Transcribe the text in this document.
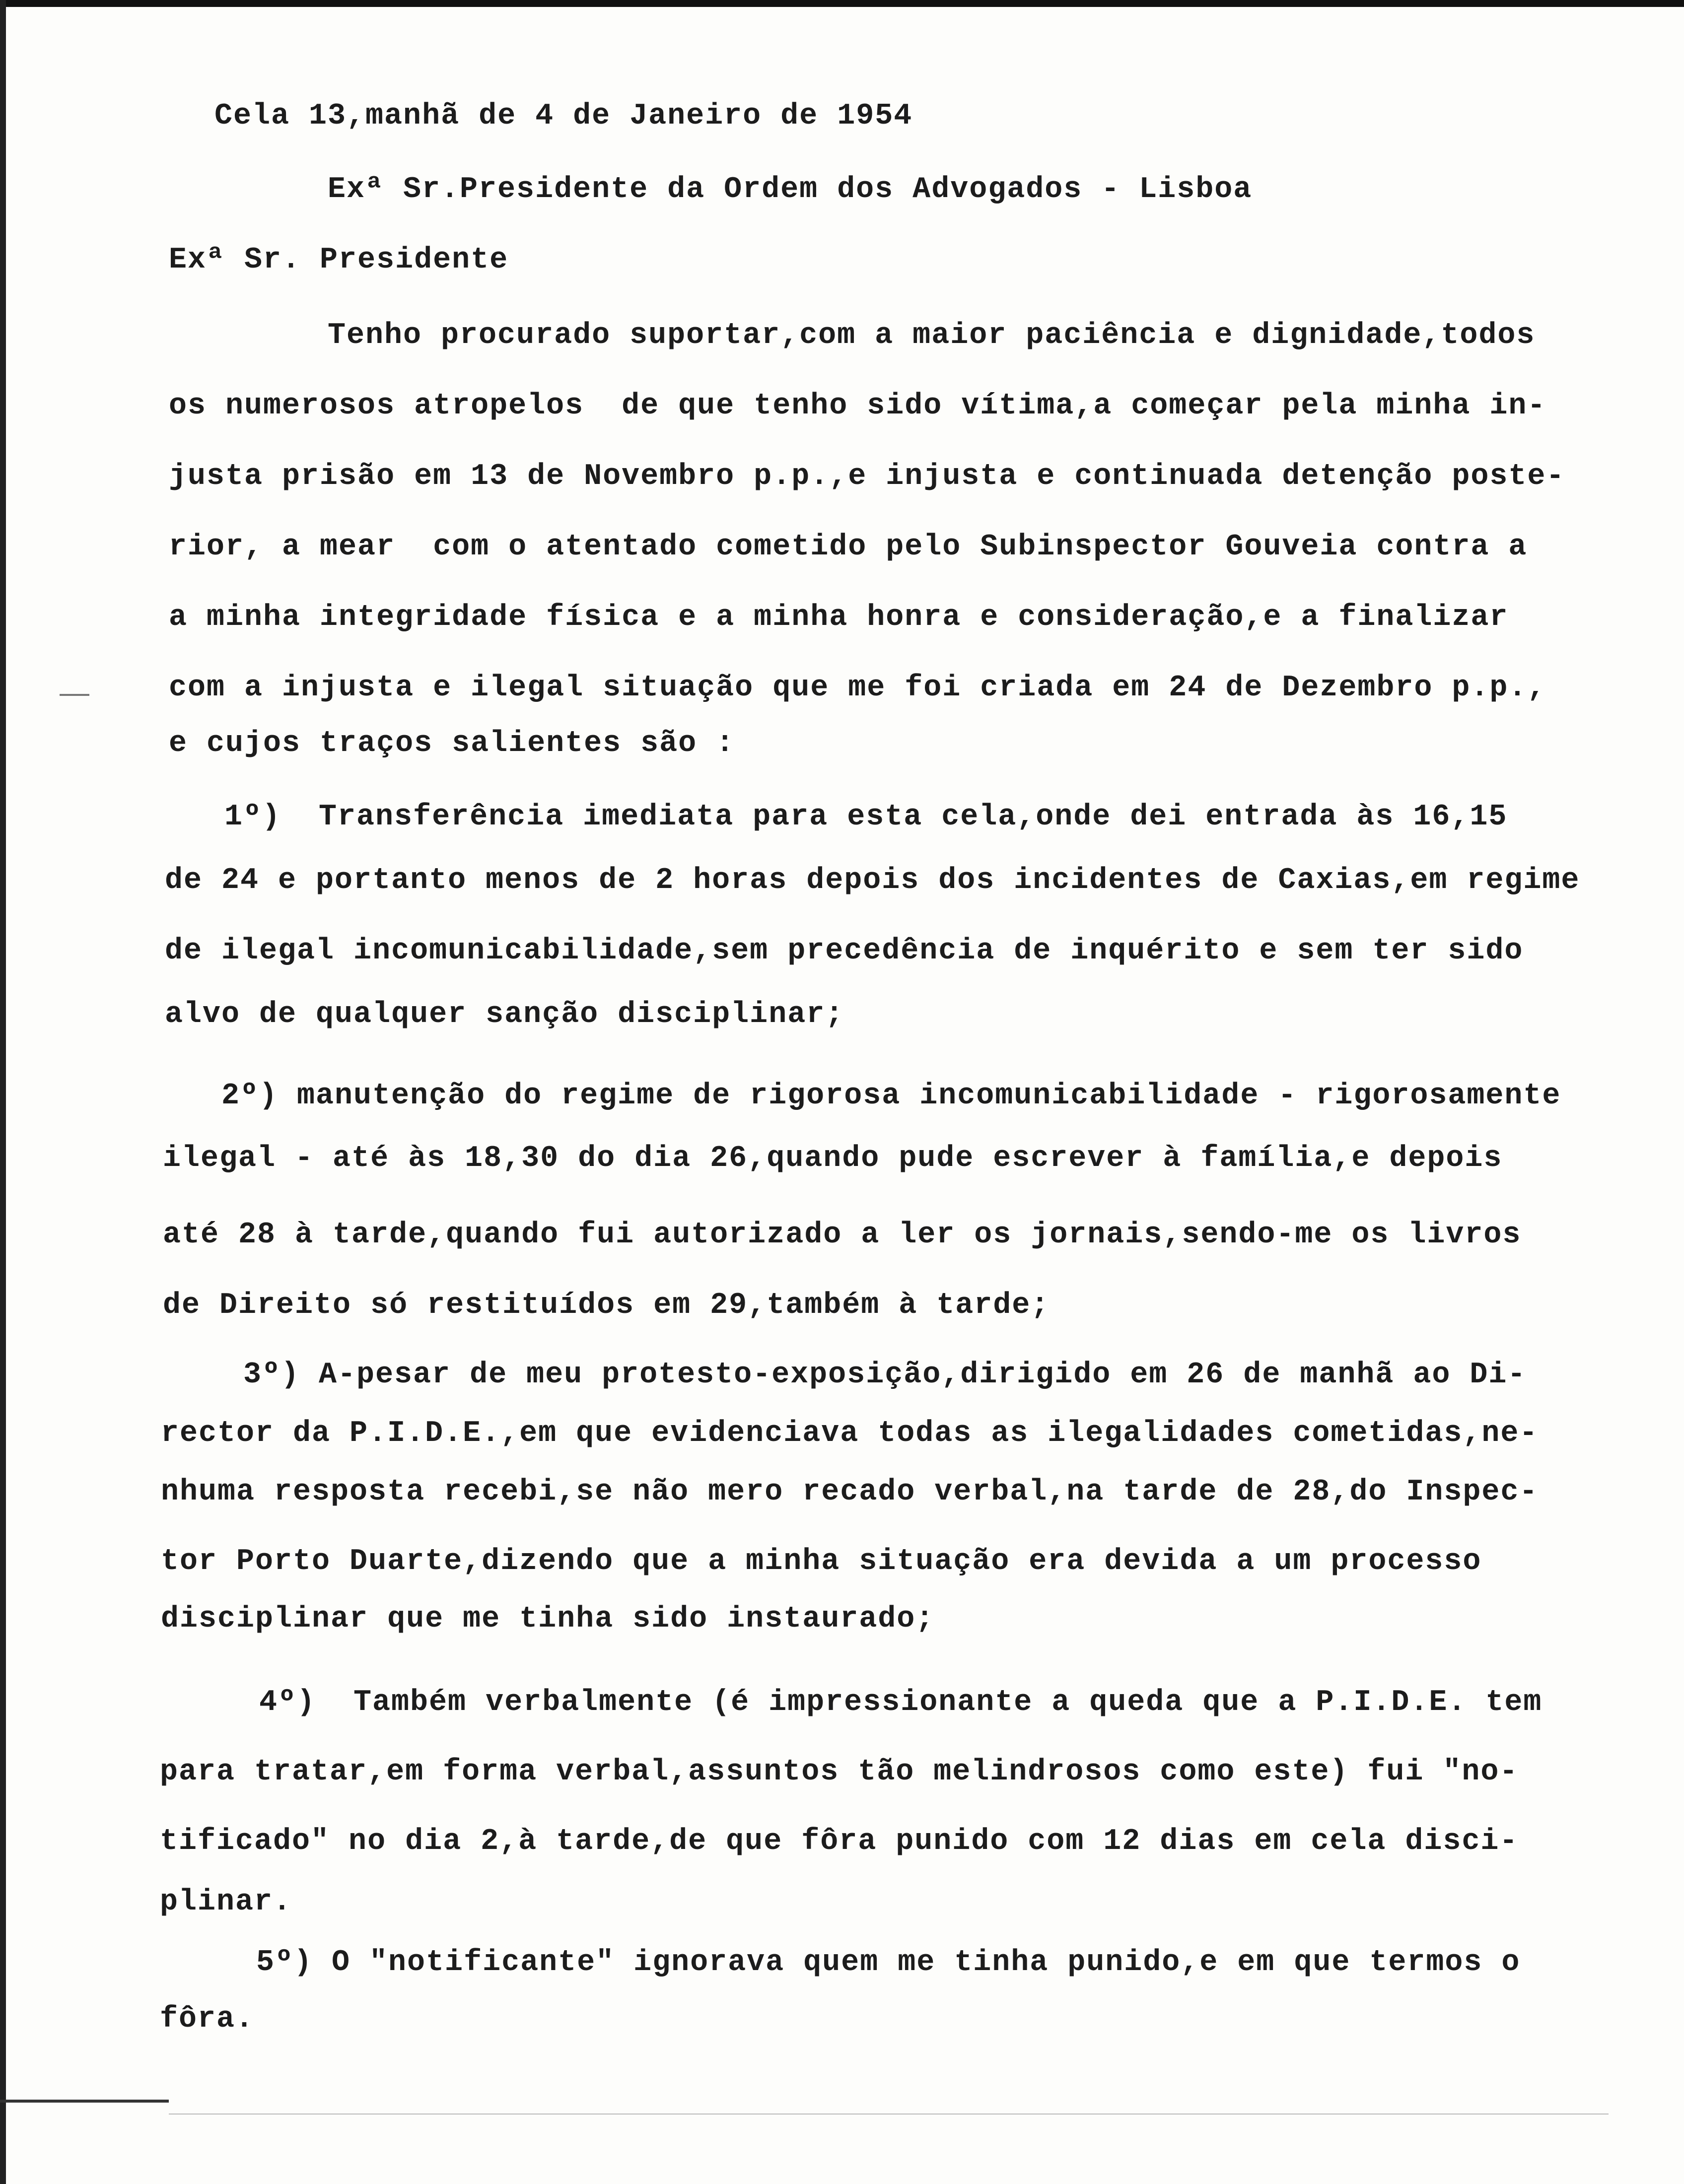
Cela 13,manhã de 4 de Janeiro de 1954
Exª Sr.Presidente da Ordem dos Advogados - Lisboa
Exª Sr. Presidente
Tenho procurado suportar,com a maior paciência e dignidade,todos
os numerosos atropelos  de que tenho sido vítima,a começar pela minha in-
justa prisão em 13 de Novembro p.p.,e injusta e continuada detenção poste-
rior, a mear  com o atentado cometido pelo Subinspector Gouveia contra a
a minha integridade física e a minha honra e consideração,e a finalizar
com a injusta e ilegal situação que me foi criada em 24 de Dezembro p.p.,
e cujos traços salientes são :
1º)  Transferência imediata para esta cela,onde dei entrada às 16,15
de 24 e portanto menos de 2 horas depois dos incidentes de Caxias,em regime
de ilegal incomunicabilidade,sem precedência de inquérito e sem ter sido
alvo de qualquer sanção disciplinar;
2º) manutenção do regime de rigorosa incomunicabilidade - rigorosamente
ilegal - até às 18,30 do dia 26,quando pude escrever à família,e depois
até 28 à tarde,quando fui autorizado a ler os jornais,sendo-me os livros
de Direito só restituídos em 29,também à tarde;
3º) A-pesar de meu protesto-exposição,dirigido em 26 de manhã ao Di-
rector da P.I.D.E.,em que evidenciava todas as ilegalidades cometidas,ne-
nhuma resposta recebi,se não mero recado verbal,na tarde de 28,do Inspec-
tor Porto Duarte,dizendo que a minha situação era devida a um processo
disciplinar que me tinha sido instaurado;
4º)  Também verbalmente (é impressionante a queda que a P.I.D.E. tem
para tratar,em forma verbal,assuntos tão melindrosos como este) fui "no-
tificado" no dia 2,à tarde,de que fôra punido com 12 dias em cela disci-
plinar.
5º) O "notificante" ignorava quem me tinha punido,e em que termos o
fôra.
